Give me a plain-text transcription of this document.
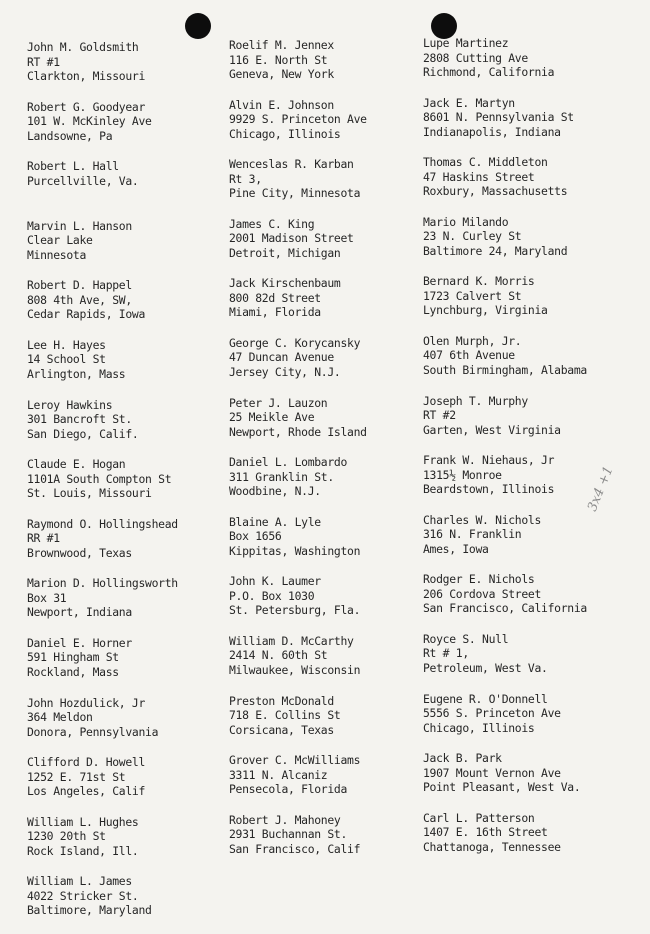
John M. Goldsmith
RT #1
Clarkton, Missouri
Robert G. Goodyear
101 W. McKinley Ave
Landsowne, Pa
Robert L. Hall
Purcellville, Va.
Marvin L. Hanson
Clear Lake
Minnesota
Robert D. Happel
808 4th Ave, SW,
Cedar Rapids, Iowa
Lee H. Hayes
14 School St
Arlington, Mass
Leroy Hawkins
301 Bancroft St.
San Diego, Calif.
Claude E. Hogan
1101A South Compton St
St. Louis, Missouri
Raymond O. Hollingshead
RR #1
Brownwood, Texas
Marion D. Hollingsworth
Box 31
Newport, Indiana
Daniel E. Horner
591 Hingham St
Rockland, Mass
John Hozdulick, Jr
364 Meldon
Donora, Pennsylvania
Clifford D. Howell
1252 E. 71st St
Los Angeles, Calif
William L. Hughes
1230 20th St
Rock Island, Ill.
William L. James
4022 Stricker St.
Baltimore, Maryland
Roelif M. Jennex
116 E. North St
Geneva, New York
Alvin E. Johnson
9929 S. Princeton Ave
Chicago, Illinois
Wenceslas R. Karban
Rt 3,
Pine City, Minnesota
James C. King
2001 Madison Street
Detroit, Michigan
Jack Kirschenbaum
800 82d Street
Miami, Florida
George C. Korycansky
47 Duncan Avenue
Jersey City, N.J.
Peter J. Lauzon
25 Meikle Ave
Newport, Rhode Island
Daniel L. Lombardo
311 Granklin St.
Woodbine, N.J.
Blaine A. Lyle
Box 1656
Kippitas, Washington
John K. Laumer
P.O. Box 1030
St. Petersburg, Fla.
William D. McCarthy
2414 N. 60th St
Milwaukee, Wisconsin
Preston McDonald
718 E. Collins St
Corsicana, Texas
Grover C. McWilliams
3311 N. Alcaniz
Pensecola, Florida
Robert J. Mahoney
2931 Buchannan St.
San Francisco, Calif
Lupe Martinez
2808 Cutting Ave
Richmond, California
Jack E. Martyn
8601 N. Pennsylvania St
Indianapolis, Indiana
Thomas C. Middleton
47 Haskins Street
Roxbury, Massachusetts
Mario Milando
23 N. Curley St
Baltimore 24, Maryland
Bernard K. Morris
1723 Calvert St
Lynchburg, Virginia
Olen Murph, Jr.
407 6th Avenue
South Birmingham, Alabama
Joseph T. Murphy
RT #2
Garten, West Virginia
Frank W. Niehaus, Jr
1315½ Monroe
Beardstown, Illinois
Charles W. Nichols
316 N. Franklin
Ames, Iowa
Rodger E. Nichols
206 Cordova Street
San Francisco, California
Royce S. Null
Rt # 1,
Petroleum, West Va.
Eugene R. O'Donnell
5556 S. Princeton Ave
Chicago, Illinois
Jack B. Park
1907 Mount Vernon Ave
Point Pleasant, West Va.
Carl L. Patterson
1407 E. 16th Street
Chattanoga, Tennessee
3x4 +1
